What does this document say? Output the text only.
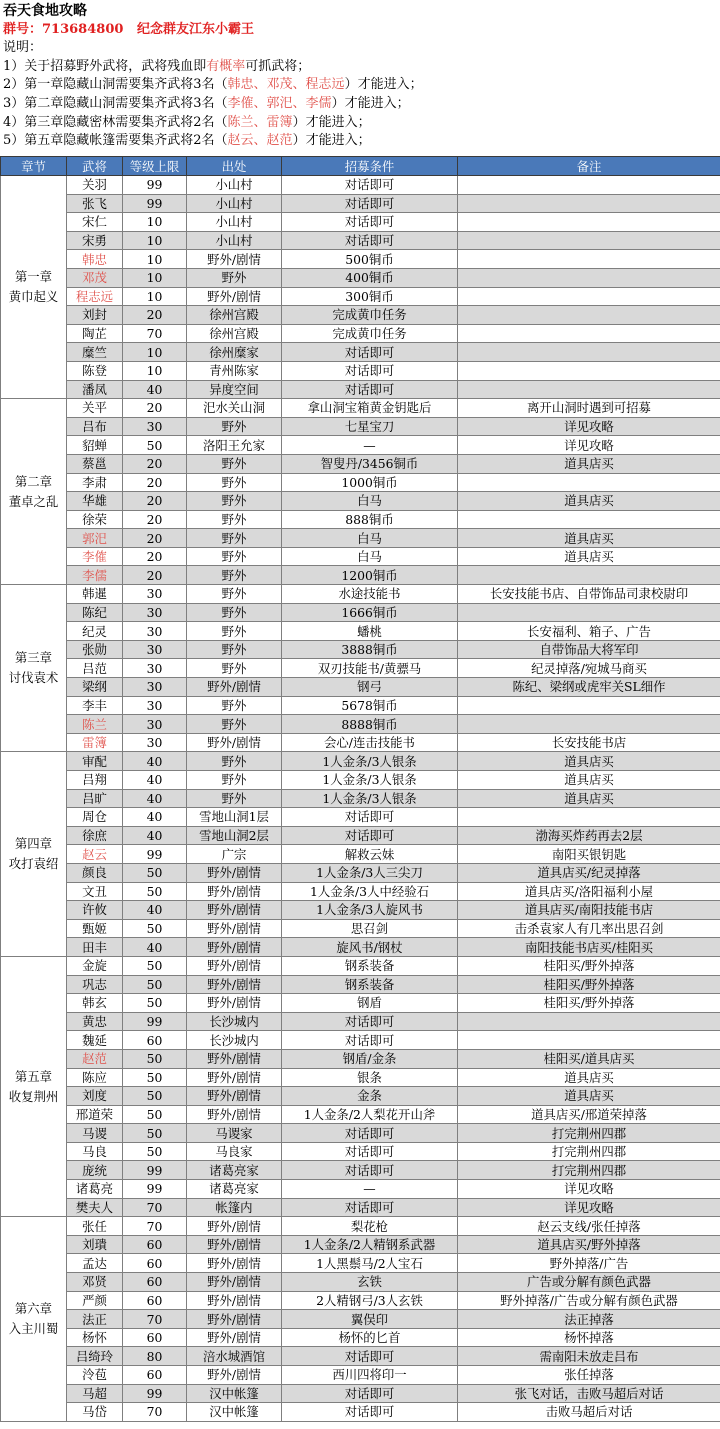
吞天食地攻略
群号：713684800 纪念群友江东小霸王
说明：
1）关于招募野外武将，武将残血即有概率可抓武将；
2）第一章隐藏山洞需要集齐武将3名（韩忠、邓茂、程志远）才能进入；
3）第二章隐藏山洞需要集齐武将3名（李傕、郭汜、李儒）才能进入；
4）第三章隐藏密林需要集齐武将2名（陈兰、雷簿）才能进入；
5）第五章隐藏帐篷需要集齐武将2名（赵云、赵范）才能进入；
章节	武将	等级上限	出处	招募条件	备注

第一章
黄巾起义	关羽	99	小山村	对话即可	
	张飞	99	小山村	对话即可	
	宋仁	10	小山村	对话即可	
	宋勇	10	小山村	对话即可	
	韩忠	10	野外/剧情	500铜币	
	邓茂	10	野外	400铜币	
	程志远	10	野外/剧情	300铜币	
	刘封	20	徐州宫殿	完成黄巾任务	
	陶芷	70	徐州宫殿	完成黄巾任务	
	糜竺	10	徐州糜家	对话即可	
	陈登	10	青州陈家	对话即可	
	潘凤	40	异度空间	对话即可	

第二章
董卓之乱	关平	20	汜水关山洞	拿山洞宝箱黄金钥匙后	离开山洞时遇到可招募
	吕布	30	野外	七星宝刀	详见攻略
	貂蝉	50	洛阳王允家	—	详见攻略
	蔡邕	20	野外	智叟丹/3456铜币	道具店买
	李肃	20	野外	1000铜币	
	华雄	20	野外	白马	道具店买
	徐荣	20	野外	888铜币	
	郭汜	20	野外	白马	道具店买
	李傕	20	野外	白马	道具店买
	李儒	20	野外	1200铜币	

第三章
讨伐袁术	韩暹	30	野外	水途技能书	长安技能书店、自带饰品司隶校尉印
	陈纪	30	野外	1666铜币	
	纪灵	30	野外	蟠桃	长安福利、箱子、广告
	张勋	30	野外	3888铜币	自带饰品大将军印
	吕范	30	野外	双刃技能书/黄骠马	纪灵掉落/宛城马商买
	梁纲	30	野外/剧情	钢弓	陈纪、梁纲或虎牢关SL细作
	李丰	30	野外	5678铜币	
	陈兰	30	野外	8888铜币	
	雷簿	30	野外/剧情	会心/连击技能书	长安技能书店

第四章
攻打袁绍	审配	40	野外	1人金条/3人银条	道具店买
	吕翔	40	野外	1人金条/3人银条	道具店买
	吕旷	40	野外	1人金条/3人银条	道具店买
	周仓	40	雪地山洞1层	对话即可	
	徐庶	40	雪地山洞2层	对话即可	渤海买炸药再去2层
	赵云	99	广宗	解救云妹	南阳买银钥匙
	颜良	50	野外/剧情	1人金条/3人三尖刀	道具店买/纪灵掉落
	文丑	50	野外/剧情	1人金条/3人中经验石	道具店买/洛阳福利小屋
	许攸	40	野外/剧情	1人金条/3人旋风书	道具店买/南阳技能书店
	甄姬	50	野外/剧情	思召剑	击杀袁家人有几率出思召剑
	田丰	40	野外/剧情	旋风书/钢杖	南阳技能书店买/桂阳买

第五章
收复荆州	金旋	50	野外/剧情	钢系装备	桂阳买/野外掉落
	巩志	50	野外/剧情	钢系装备	桂阳买/野外掉落
	韩玄	50	野外/剧情	钢盾	桂阳买/野外掉落
	黄忠	99	长沙城内	对话即可	
	魏延	60	长沙城内	对话即可	
	赵范	50	野外/剧情	钢盾/金条	桂阳买/道具店买
	陈应	50	野外/剧情	银条	道具店买
	刘度	50	野外/剧情	金条	道具店买
	邢道荣	50	野外/剧情	1人金条/2人梨花开山斧	道具店买/邢道荣掉落
	马谡	50	马谡家	对话即可	打完荆州四郡
	马良	50	马良家	对话即可	打完荆州四郡
	庞统	99	诸葛亮家	对话即可	打完荆州四郡
	诸葛亮	99	诸葛亮家	—	详见攻略
	樊夫人	70	帐篷内	对话即可	详见攻略

第六章
入主川蜀	张任	70	野外/剧情	梨花枪	赵云支线/张任掉落
	刘璝	60	野外/剧情	1人金条/2人精钢系武器	道具店买/野外掉落
	孟达	60	野外/剧情	1人黑鬃马/2人宝石	野外掉落/广告
	邓贤	60	野外/剧情	玄铁	广告或分解有颜色武器
	严颜	60	野外/剧情	2人精钢弓/3人玄铁	野外掉落/广告或分解有颜色武器
	法正	70	野外/剧情	翼俣印	法正掉落
	杨怀	60	野外/剧情	杨怀的匕首	杨怀掉落
	吕绮玲	80	涪水城酒馆	对话即可	需南阳未放走吕布
	泠苞	60	野外/剧情	西川四将印一	张任掉落
	马超	99	汉中帐篷	对话即可	张飞对话，击败马超后对话
	马岱	70	汉中帐篷	对话即可	击败马超后对话
